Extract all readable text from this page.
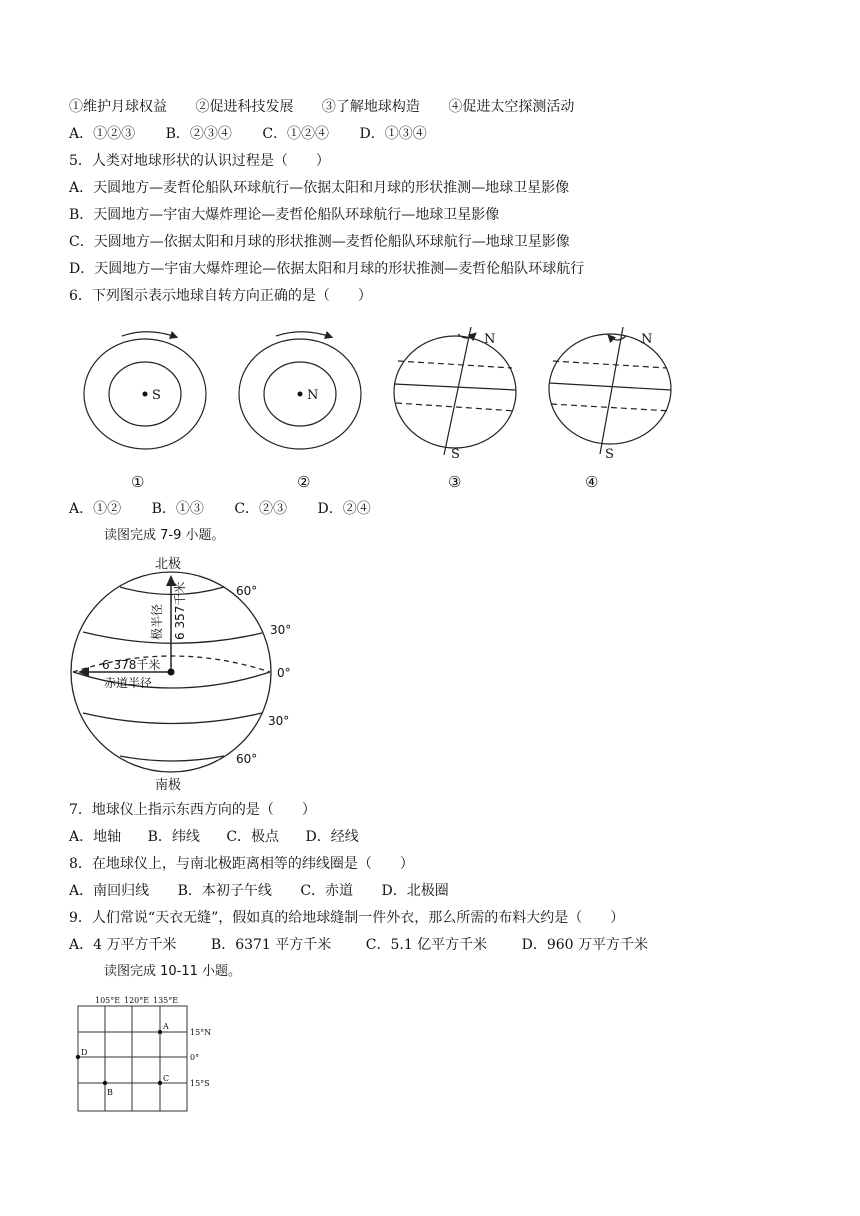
①维护月球权益 ②促进科技发展 ③了解地球构造 ④促进太空探测活动
A．①②③ B．②③④ C．①②④ D．①③④
5．人类对地球形状的认识过程是（　　）
A．天圆地方—麦哲伦船队环球航行—依据太阳和月球的形状推测—地球卫星影像
B．天圆地方—宇宙大爆炸理论—麦哲伦船队环球航行—地球卫星影像
C．天圆地方—依据太阳和月球的形状推测—麦哲伦船队环球航行—地球卫星影像
D．天圆地方—宇宙大爆炸理论—依据太阳和月球的形状推测—麦哲伦船队环球航行
6．下列图示表示地球自转方向正确的是（　　）
S	N
N
S
N
S
①	②	③	④
A．①② B．①③ C．②③ D．②④
读图完成 7-9 小题。
北极
南极
极半径 6 357千米
6 378千米
赤道半径
60°
30°
0°
30°
60°
7．地球仪上指示东西方向的是（　　）
A．地轴 B．纬线 C．极点 D．经线
8．在地球仪上，与南北极距离相等的纬线圈是（　　）
A．南回归线 B．本初子午线 C．赤道 D．北极圈
9．人们常说“天衣无缝”，假如真的给地球缝制一件外衣，那么所需的布料大约是（　　）
A．4 万平方千米 B．6371 平方千米 C．5.1 亿平方千米 D．960 万平方千米
读图完成 10-11 小题。
105°E 120°E 135°E
15°N
0°
15°S
A
B
C
D
